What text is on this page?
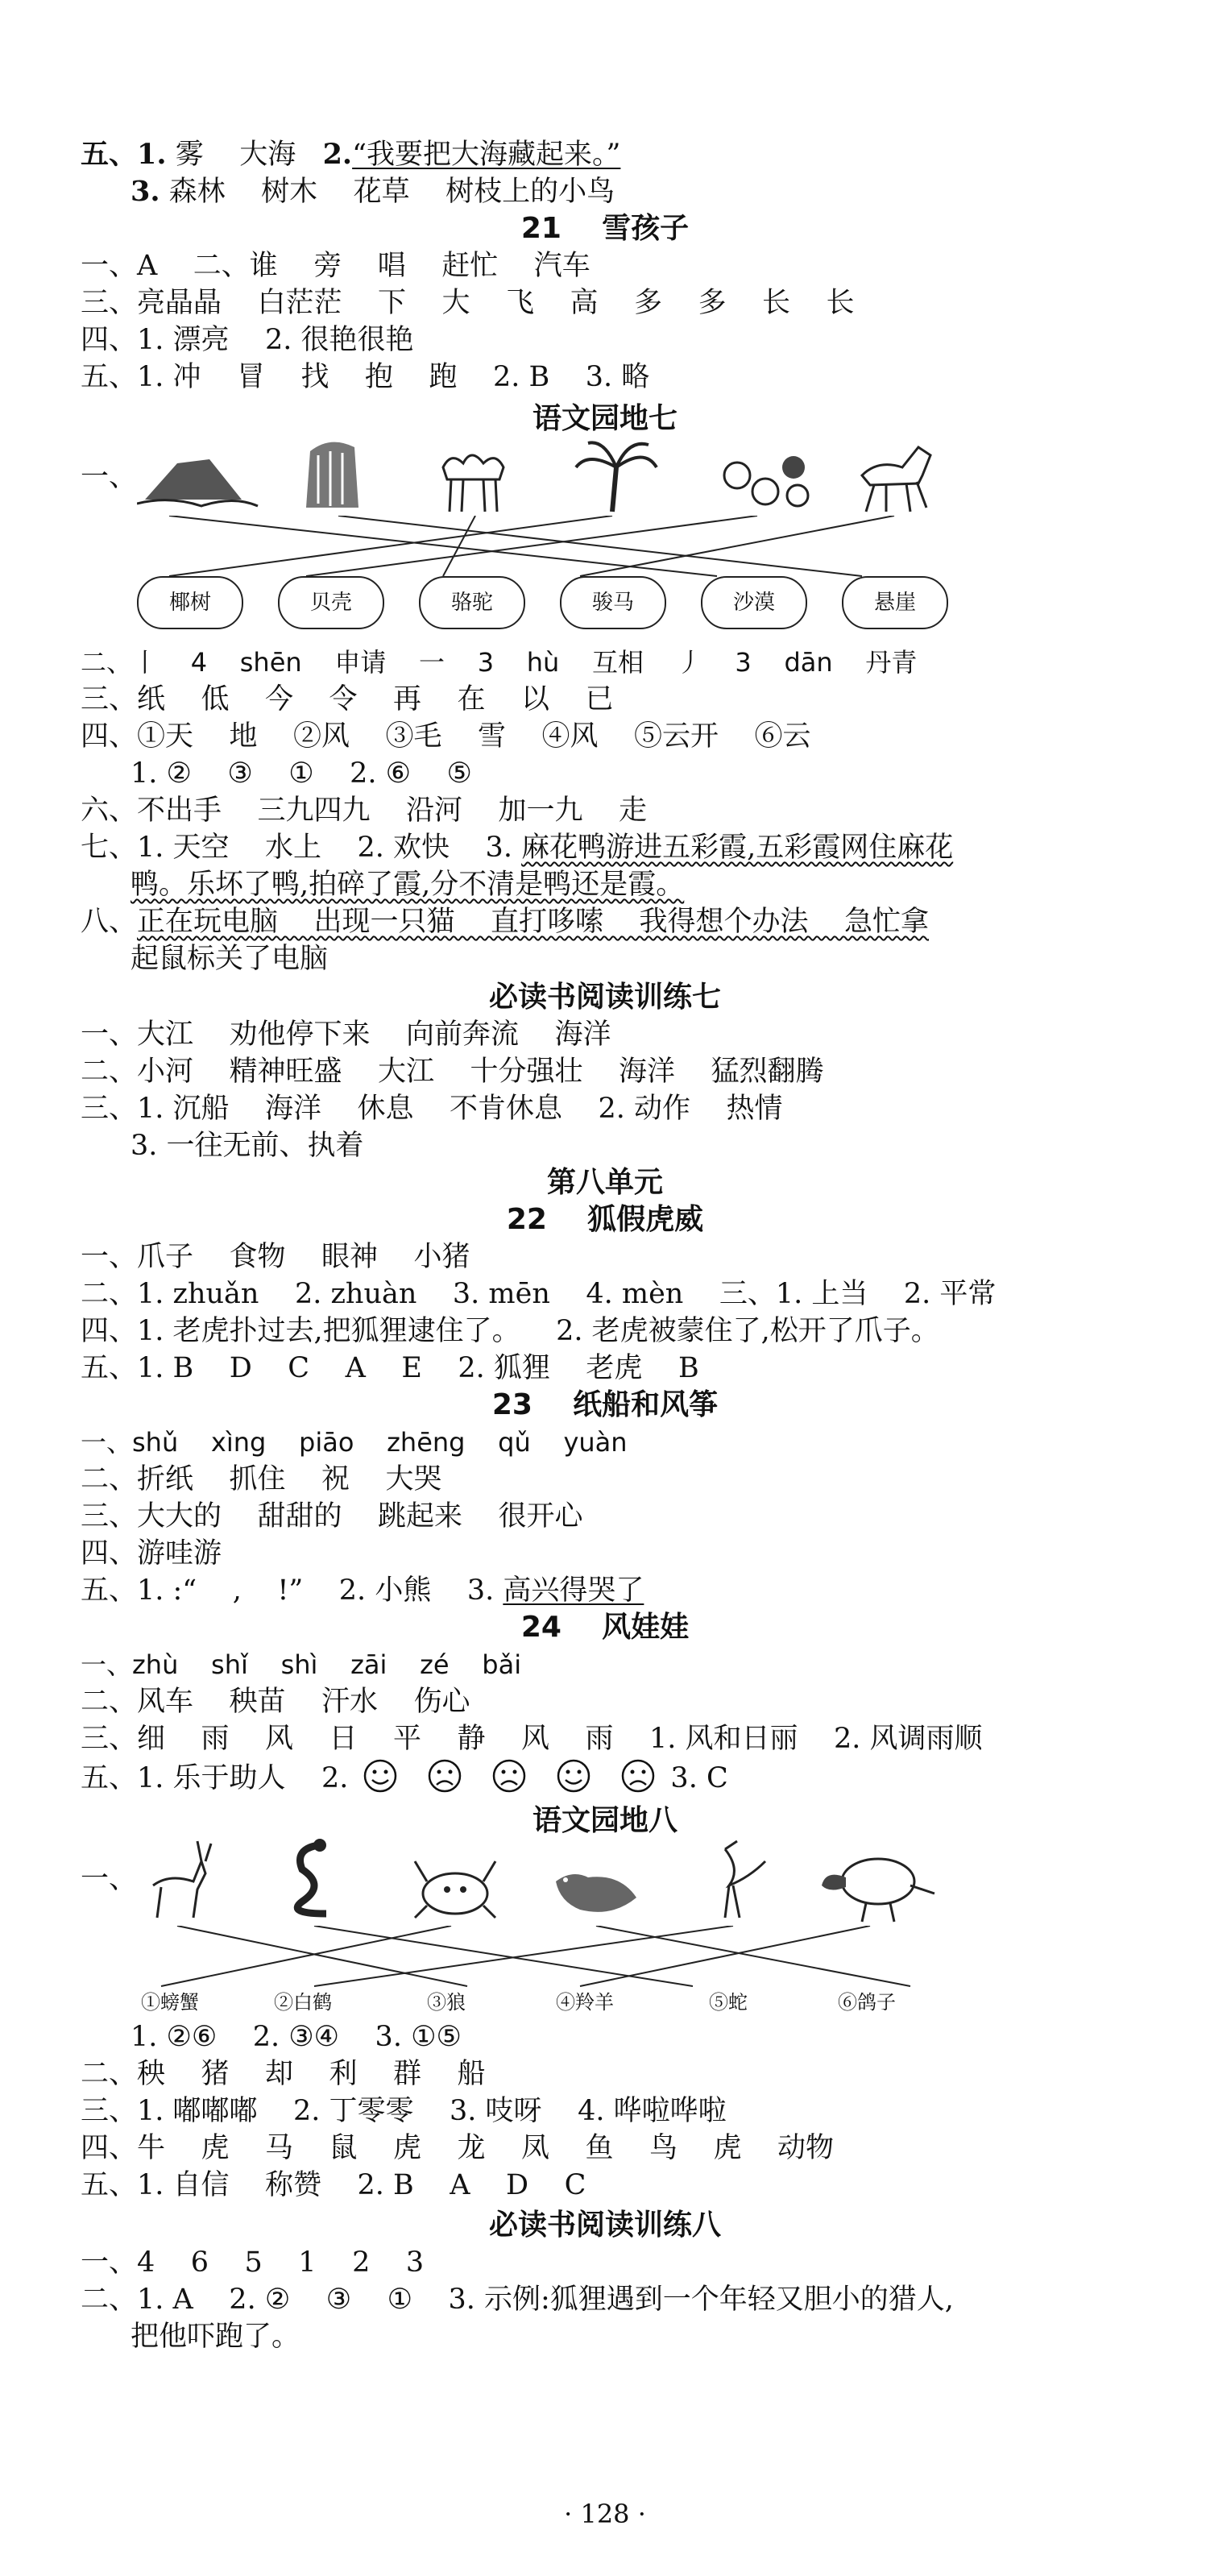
五、1. 雾    大海   2.“我要把大海藏起来。”
3. 森林    树木    花草    树枝上的小鸟
21    雪孩子
一、A    二、谁    旁    唱    赶忙    汽车
三、亮晶晶    白茫茫    下    大    飞    高    多    多    长    长
四、1. 漂亮    2. 很艳很艳
五、1. 冲    冒    找    抱    跑    2. B    3. 略
语文园地七
一、
椰树	贝壳	骆驼	骏马	沙漠	悬崖
二、丨    4    shēn    申请    一    3    hù    互相    丿    3    dān    丹青
三、纸    低    今    令    再    在    以    已
四、①天    地    ②风    ③毛    雪    ④风    ⑤云开    ⑥云
1. ②    ③    ①    2. ⑥    ⑤
六、不出手    三九四九    沿河    加一九    走
七、1. 天空    水上    2. 欢快    3. 麻花鸭游进五彩霞,五彩霞网住麻花
鸭。乐坏了鸭,拍碎了霞,分不清是鸭还是霞。
八、正在玩电脑    出现一只猫    直打哆嗦    我得想个办法    急忙拿
起鼠标关了电脑
必读书阅读训练七
一、大江    劝他停下来    向前奔流    海洋
二、小河    精神旺盛    大江    十分强壮    海洋    猛烈翻腾
三、1. 沉船    海洋    休息    不肯休息    2. 动作    热情
3. 一往无前、执着
第八单元
22    狐假虎威
一、爪子    食物    眼神    小猪
二、1. zhuǎn    2. zhuàn    3. mēn    4. mèn    三、1. 上当    2. 平常
四、1. 老虎扑过去,把狐狸逮住了。    2. 老虎被蒙住了,松开了爪子。
五、1. B    D    C    A    E    2. 狐狸    老虎    B
23    纸船和风筝
一、shǔ    xìng    piāo    zhēng    qǔ    yuàn
二、折纸    抓住    祝    大哭
三、大大的    甜甜的    跳起来    很开心
四、游哇游
五、1. :“    ,    !”    2. 小熊    3. 高兴得哭了
24    风娃娃
一、zhù    shǐ    shì    zāi    zé    bǎi
二、风车    秧苗    汗水    伤心
三、细    雨    风    日    平    静    风    雨    1. 风和日丽    2. 风调雨顺
五、1. 乐于助人    2.	3. C
语文园地八
一、
①螃蟹	②白鹤	③狼	④羚羊	⑤蛇	⑥鸽子
1. ②⑥    2. ③④    3. ①⑤
二、秧    猪    却    利    群    船
三、1. 嘟嘟嘟    2. 丁零零    3. 吱呀    4. 哗啦哗啦
四、牛    虎    马    鼠    虎    龙    凤    鱼    鸟    虎    动物
五、1. 自信    称赞    2. B    A    D    C
必读书阅读训练八
一、4    6    5    1    2    3
二、1. A    2. ②    ③    ①    3. 示例:狐狸遇到一个年轻又胆小的猎人,
把他吓跑了。
· 128 ·
